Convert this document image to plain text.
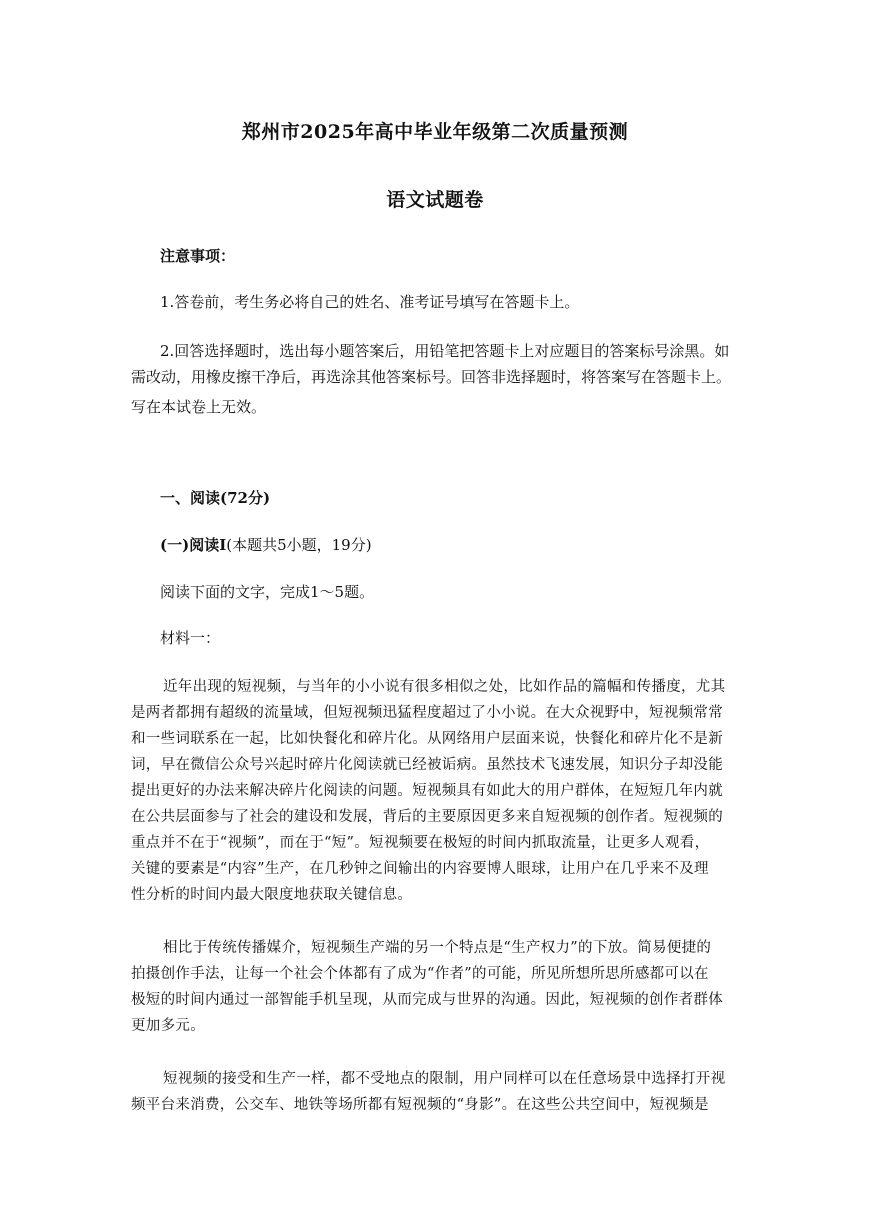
郑州市2025年高中毕业年级第二次质量预测
语文试题卷
注意事项：
1.答卷前，考生务必将自己的姓名、准考证号填写在答题卡上。
2.回答选择题时，选出每小题答案后，用铅笔把答题卡上对应题目的答案标号涂黑。如
需改动，用橡皮擦干净后，再选涂其他答案标号。回答非选择题时，将答案写在答题卡上。
写在本试卷上无效。
一、阅读(72分)
(一)阅读Ⅰ(本题共5小题，19分)
阅读下面的文字，完成1～5题。
材料一：
近年出现的短视频，与当年的小小说有很多相似之处，比如作品的篇幅和传播度，尤其
是两者都拥有超级的流量域，但短视频迅猛程度超过了小小说。在大众视野中，短视频常常
和一些词联系在一起，比如快餐化和碎片化。从网络用户层面来说，快餐化和碎片化不是新
词，早在微信公众号兴起时碎片化阅读就已经被诟病。虽然技术飞速发展，知识分子却没能
提出更好的办法来解决碎片化阅读的问题。短视频具有如此大的用户群体，在短短几年内就
在公共层面参与了社会的建设和发展，背后的主要原因更多来自短视频的创作者。短视频的
重点并不在于“视频”，而在于“短”。短视频要在极短的时间内抓取流量，让更多人观看，
关键的要素是“内容”生产，在几秒钟之间输出的内容要博人眼球，让用户在几乎来不及理
性分析的时间内最大限度地获取关键信息。
相比于传统传播媒介，短视频生产端的另一个特点是“生产权力”的下放。简易便捷的
拍摄创作手法，让每一个社会个体都有了成为“作者”的可能，所见所想所思所感都可以在
极短的时间内通过一部智能手机呈现，从而完成与世界的沟通。因此，短视频的创作者群体
更加多元。
短视频的接受和生产一样，都不受地点的限制，用户同样可以在任意场景中选择打开视
频平台来消费，公交车、地铁等场所都有短视频的“身影”。在这些公共空间中，短视频是
